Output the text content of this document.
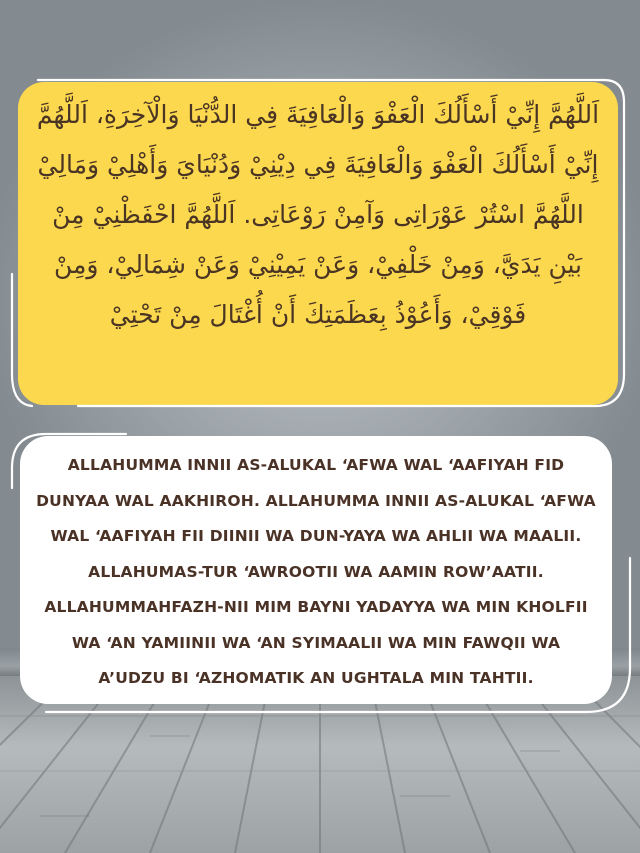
اَللَّهُمَّ إِنِّيْ أَسْأَلُكَ الْعَفْوَ وَالْعَافِيَةَ فِي الدُّنْيَا وَالْآخِرَةِ، اَللَّهُمَّ إِنِّيْ أَسْأَلُكَ الْعَفْوَ وَالْعَافِيَةَ فِي دِيْنِيْ وَدُنْيَايَ وَأَهْلِيْ وَمَالِيْ اللَّهُمَّ اسْتُرْ عَوْرَاتِى وَآمِنْ رَوْعَاتِى. اَللَّهُمَّ احْفَظْنِيْ مِنْ بَيْنِ يَدَيَّ، وَمِنْ خَلْفِيْ، وَعَنْ يَمِيْنِيْ وَعَنْ شِمَالِيْ، وَمِنْ فَوْقِيْ، وَأَعُوْذُ بِعَظَمَتِكَ أَنْ أُغْتَالَ مِنْ تَحْتِيْ

ALLAHUMMA INNII AS-ALUKAL ‘AFWA WAL ‘AAFIYAH FID DUNYAA WAL AAKHIROH. ALLAHUMMA INNII AS-ALUKAL ‘AFWA WAL ‘AAFIYAH FII DIINII WA DUN-YAYA WA AHLII WA MAALII. ALLAHUMAS-TUR ‘AWROOTII WA AAMIN ROW’AATII. ALLAHUMMAHFAZH-NII MIM BAYNI YADAYYA WA MIN KHOLFII WA ‘AN YAMIINII WA ‘AN SYIMAALII WA MIN FAWQII WA A’UDZU BI ‘AZHOMATIK AN UGHTALA MIN TAHTII.
